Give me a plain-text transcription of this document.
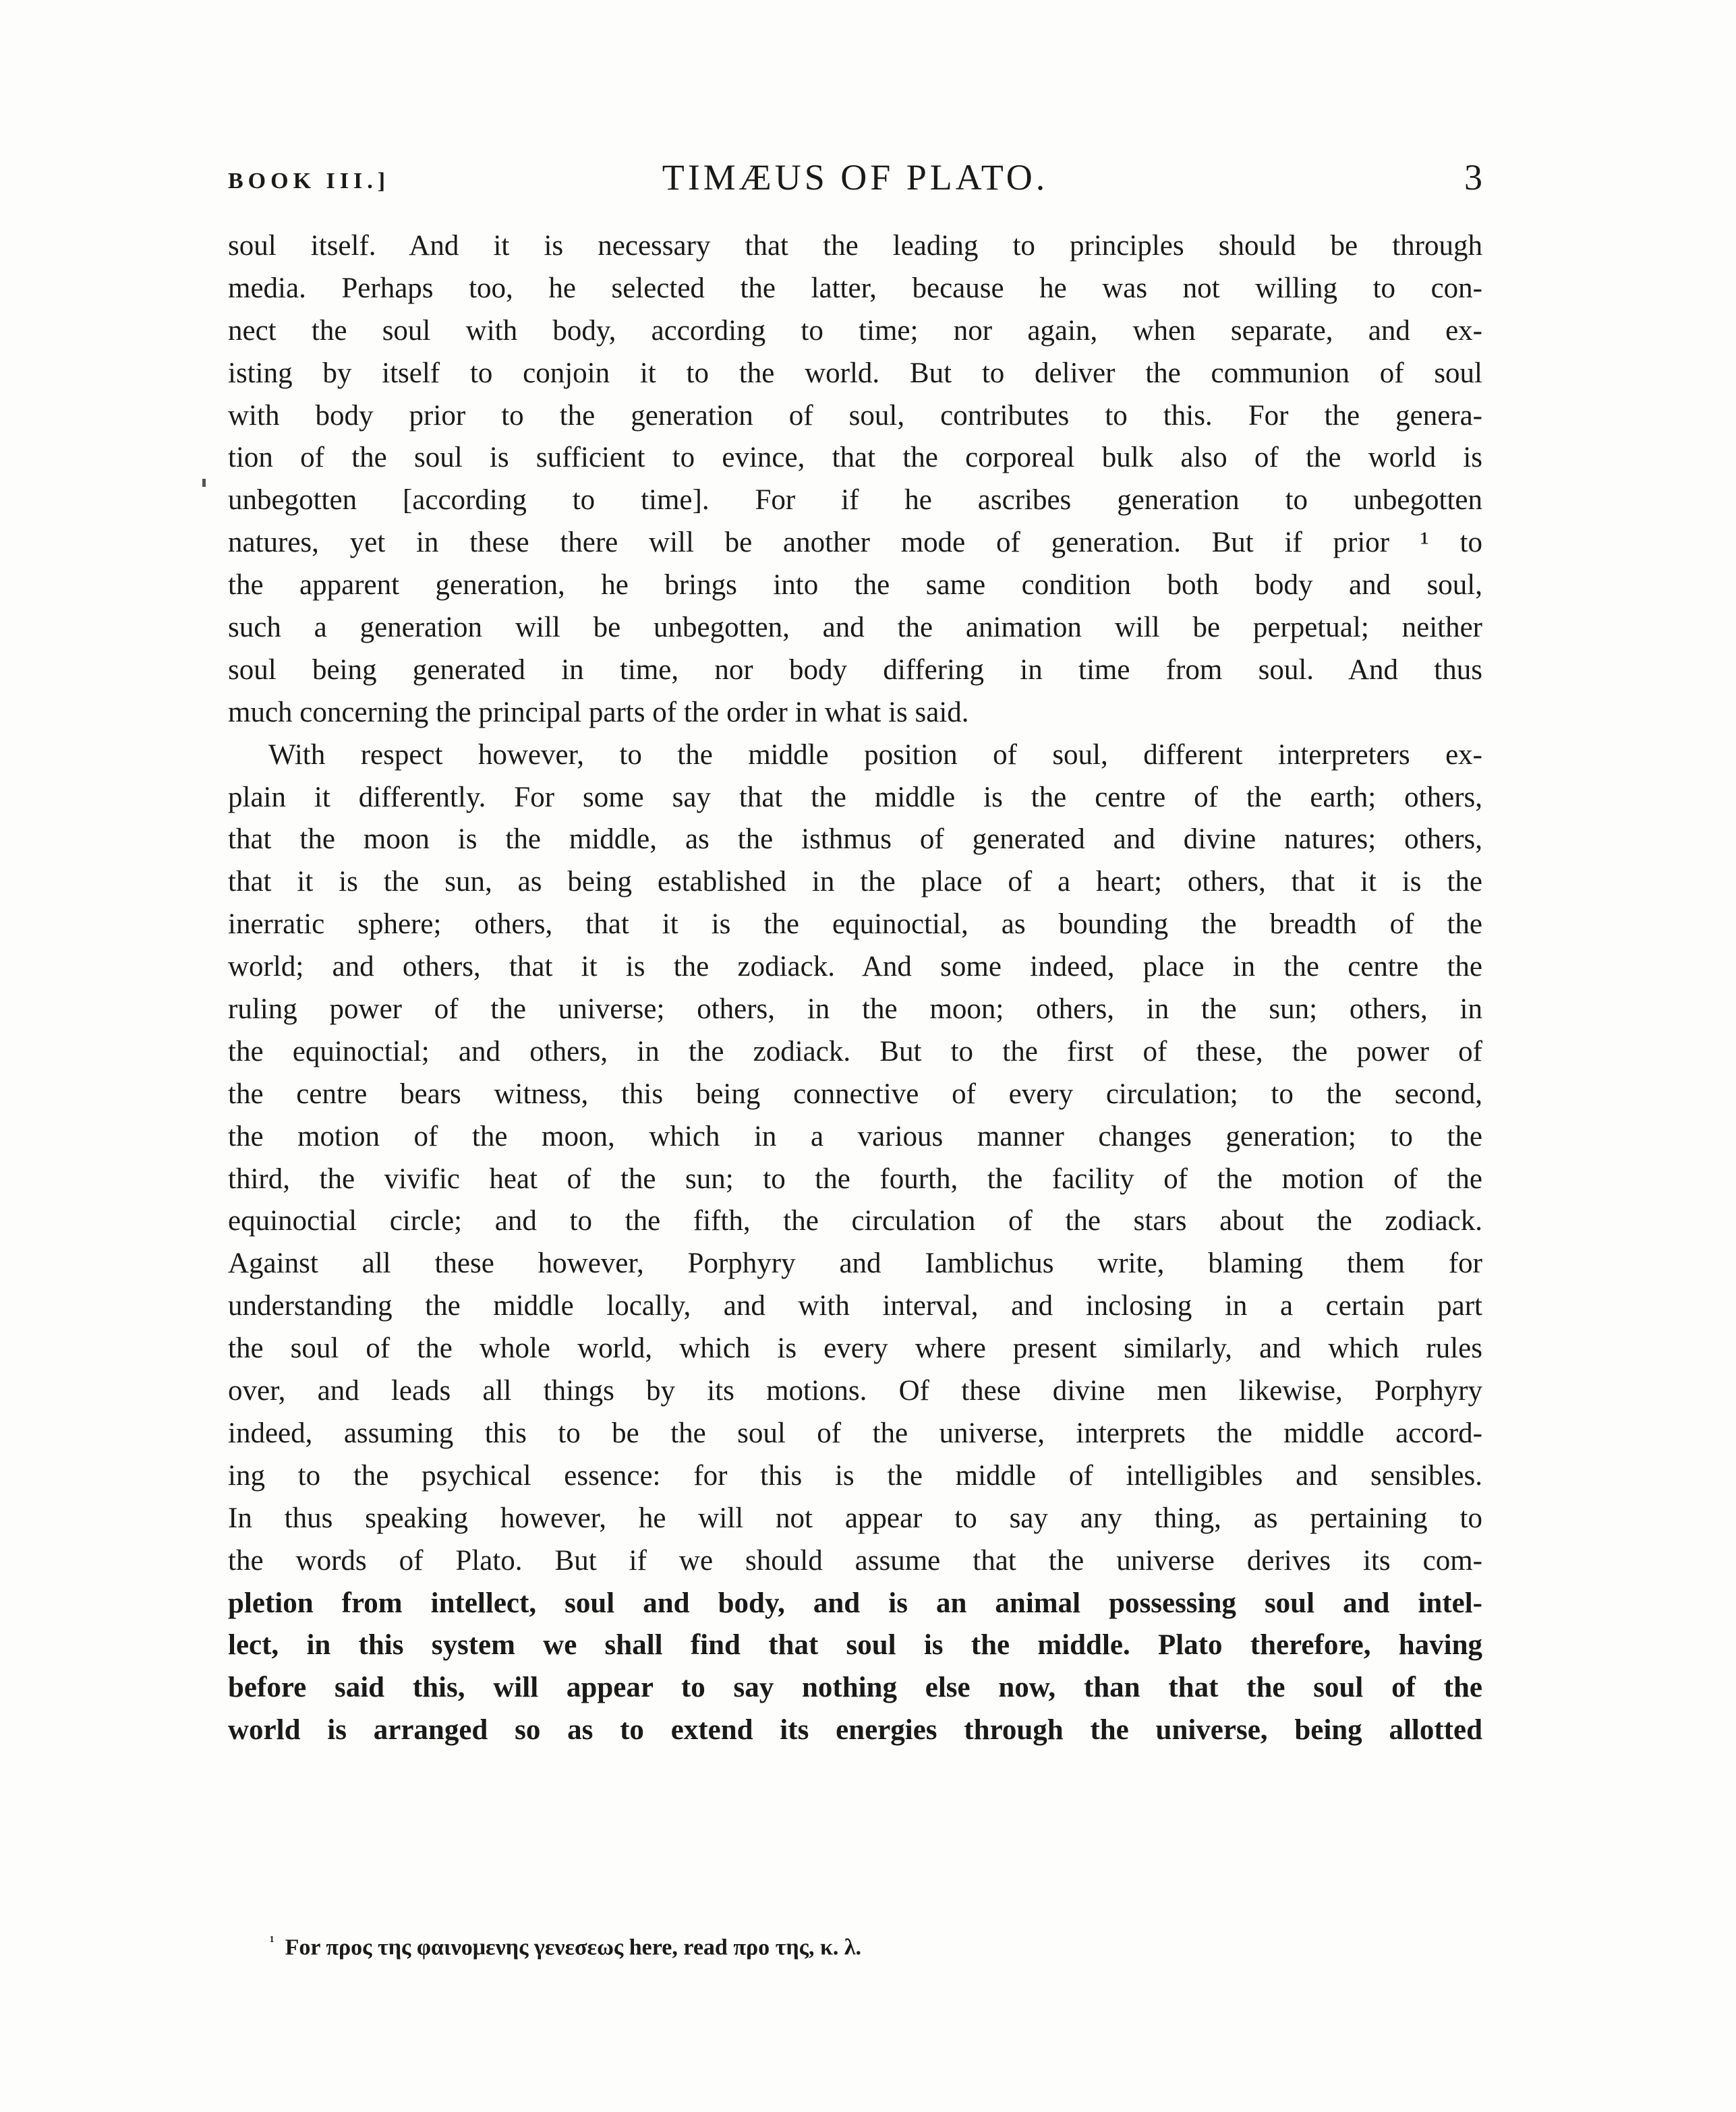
BOOK III.]	TIMÆUS OF PLATO.	3
soul itself. And it is necessary that the leading to principles should be through
media. Perhaps too, he selected the latter, because he was not willing to con-
nect the soul with body, according to time; nor again, when separate, and ex-
isting by itself to conjoin it to the world. But to deliver the communion of soul
with body prior to the generation of soul, contributes to this. For the genera-
tion of the soul is sufficient to evince, that the corporeal bulk also of the world is
unbegotten [according to time]. For if he ascribes generation to unbegotten
natures, yet in these there will be another mode of generation. But if prior ¹ to
the apparent generation, he brings into the same condition both body and soul,
such a generation will be unbegotten, and the animation will be perpetual; neither
soul being generated in time, nor body differing in time from soul. And thus
much concerning the principal parts of the order in what is said.
With respect however, to the middle position of soul, different interpreters ex-
plain it differently. For some say that the middle is the centre of the earth; others,
that the moon is the middle, as the isthmus of generated and divine natures; others,
that it is the sun, as being established in the place of a heart; others, that it is the
inerratic sphere; others, that it is the equinoctial, as bounding the breadth of the
world; and others, that it is the zodiack. And some indeed, place in the centre the
ruling power of the universe; others, in the moon; others, in the sun; others, in
the equinoctial; and others, in the zodiack. But to the first of these, the power of
the centre bears witness, this being connective of every circulation; to the second,
the motion of the moon, which in a various manner changes generation; to the
third, the vivific heat of the sun; to the fourth, the facility of the motion of the
equinoctial circle; and to the fifth, the circulation of the stars about the zodiack.
Against all these however, Porphyry and Iamblichus write, blaming them for
understanding the middle locally, and with interval, and inclosing in a certain part
the soul of the whole world, which is every where present similarly, and which rules
over, and leads all things by its motions. Of these divine men likewise, Porphyry
indeed, assuming this to be the soul of the universe, interprets the middle accord-
ing to the psychical essence: for this is the middle of intelligibles and sensibles.
In thus speaking however, he will not appear to say any thing, as pertaining to
the words of Plato. But if we should assume that the universe derives its com-
pletion from intellect, soul and body, and is an animal possessing soul and intel-
lect, in this system we shall find that soul is the middle. Plato therefore, having
before said this, will appear to say nothing else now, than that the soul of the
world is arranged so as to extend its energies through the universe, being allotted
$^{^1}$ For προς της φαινομενης γενεσεως here, read προ της, κ. λ.
